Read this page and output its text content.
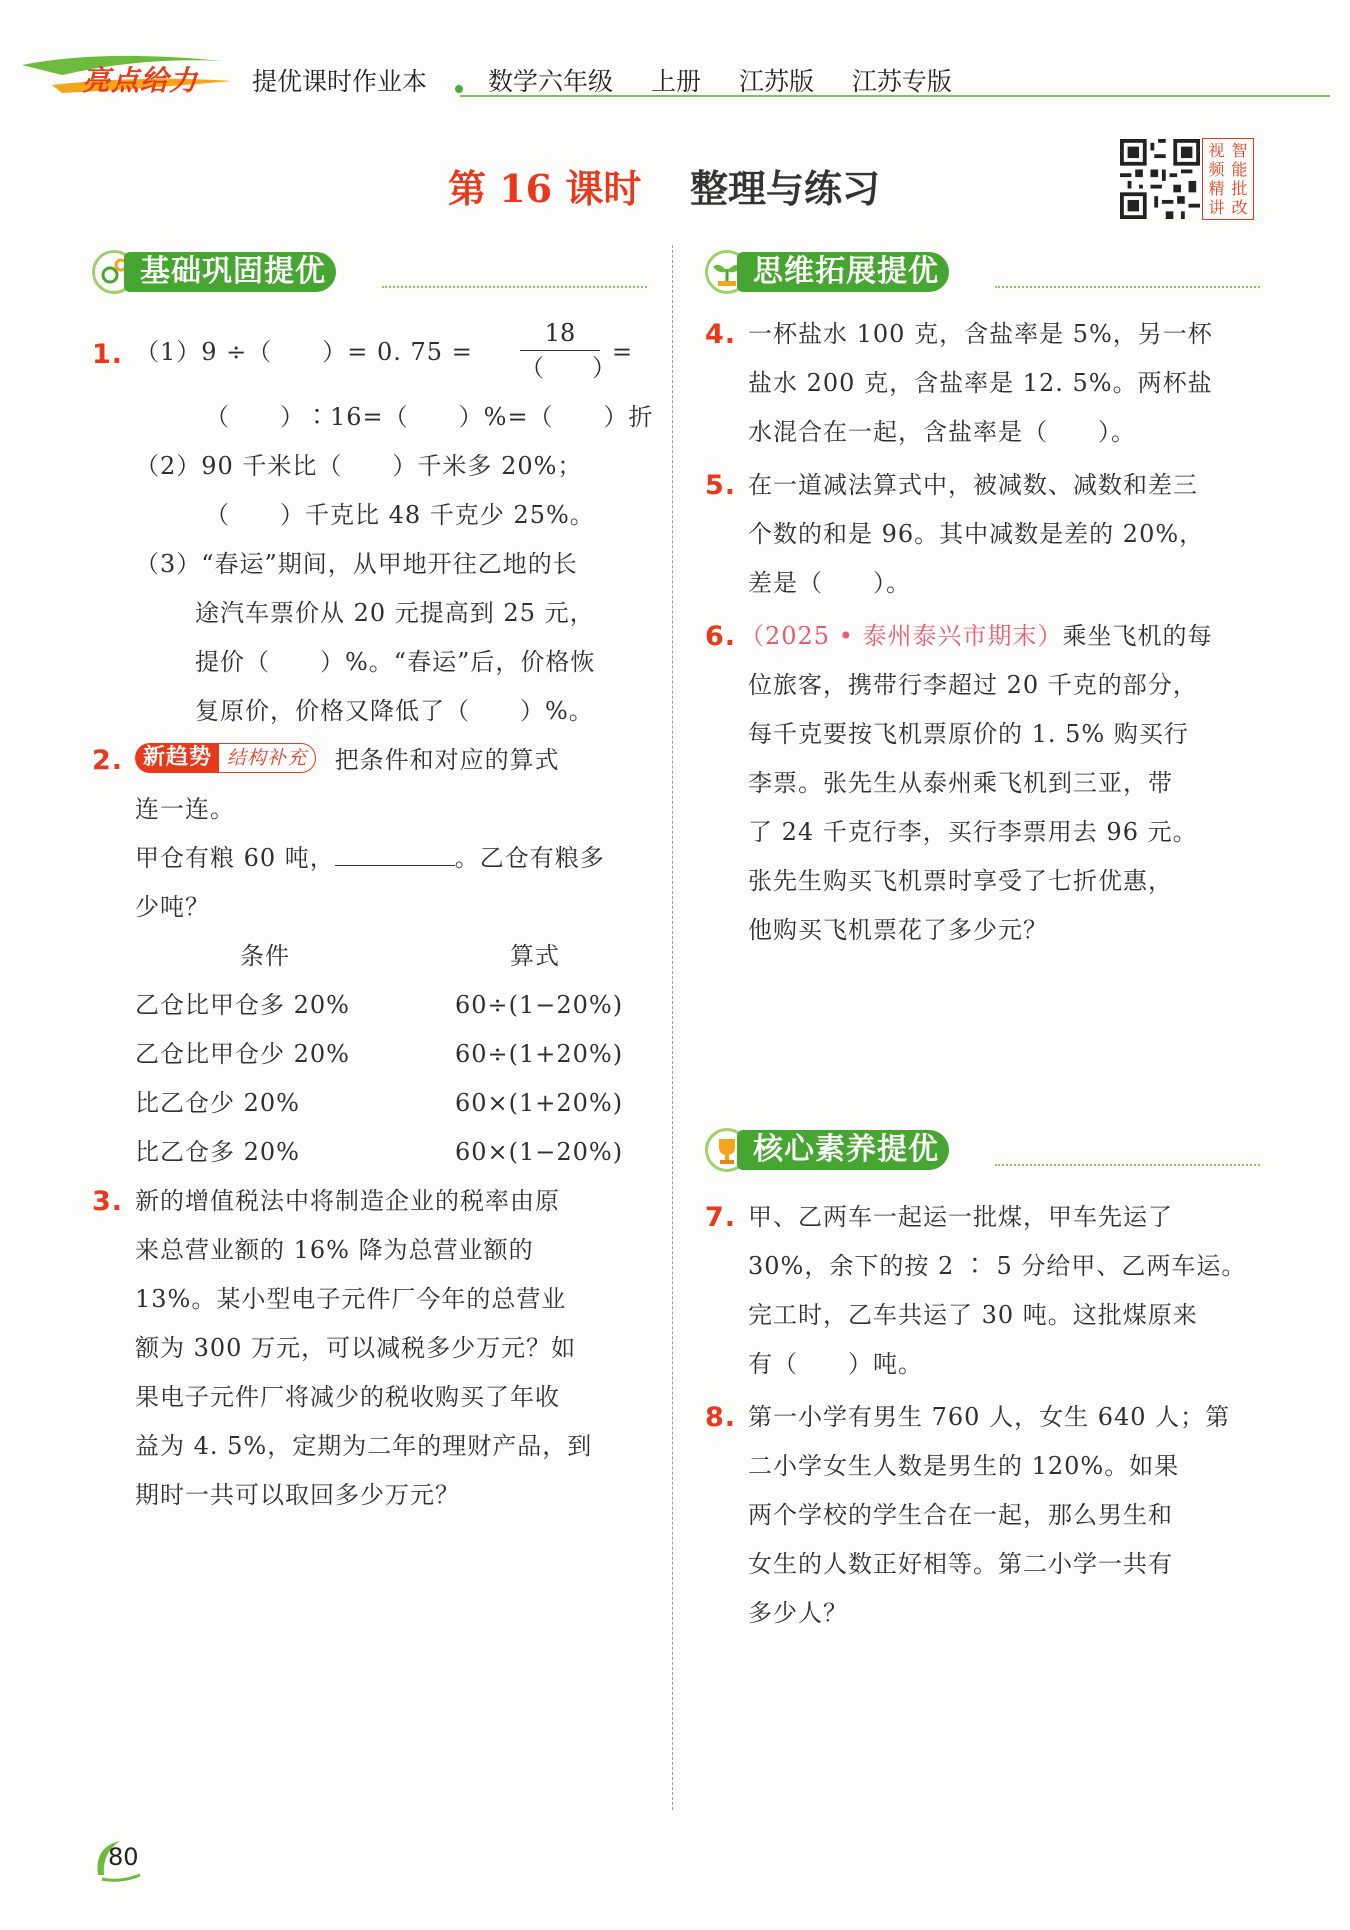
亮点给力 提优课时作业本 数学六年级 上册 江苏版 江苏专版
第 16 课时 整理与练习
视 智
频 能
精 批
讲 改
基础巩固提优
1. （1）9 ÷（　　）= 0. 75 =
18
（　　）
=
（　　）∶16=（　　）%=（　　）折
（2）90 千米比（　　）千米多 20%；
（　　）千克比 48 千克少 25%。
（3）“春运”期间，从甲地开往乙地的长
途汽车票价从 20 元提高到 25 元，
提价（　　）%。“春运”后，价格恢
复原价，价格又降低了（　　）%。
2. 新趋势 结构补充 把条件和对应的算式
连一连。
甲仓有粮 60 吨，	。乙仓有粮多
少吨？
条件	算式
乙仓比甲仓多 20%
乙仓比甲仓少 20%
比乙仓少 20%
比乙仓多 20%
60÷(1−20%)
60÷(1+20%)
60×(1+20%)
60×(1−20%)
3. 新的增值税法中将制造企业的税率由原
来总营业额的 16% 降为总营业额的
13%。某小型电子元件厂今年的总营业
额为 300 万元，可以减税多少万元？如
果电子元件厂将减少的税收购买了年收
益为 4. 5%，定期为二年的理财产品，到
期时一共可以取回多少万元？
思维拓展提优
4. 一杯盐水 100 克，含盐率是 5%，另一杯
盐水 200 克，含盐率是 12. 5%。两杯盐
水混合在一起，含盐率是（　　）。
5. 在一道减法算式中，被减数、减数和差三
个数的和是 96。其中减数是差的 20%，
差是（　　）。
6. （2025 • 泰州泰兴市期末）乘坐飞机的每
位旅客，携带行李超过 20 千克的部分，
每千克要按飞机票原价的 1. 5% 购买行
李票。张先生从泰州乘飞机到三亚，带
了 24 千克行李，买行李票用去 96 元。
张先生购买飞机票时享受了七折优惠，
他购买飞机票花了多少元？
核心素养提优
7. 甲、乙两车一起运一批煤，甲车先运了
30%，余下的按 2 ∶ 5 分给甲、乙两车运。
完工时，乙车共运了 30 吨。这批煤原来
有（　　）吨。
8. 第一小学有男生 760 人，女生 640 人；第
二小学女生人数是男生的 120%。如果
两个学校的学生合在一起，那么男生和
女生的人数正好相等。第二小学一共有
多少人？
80
